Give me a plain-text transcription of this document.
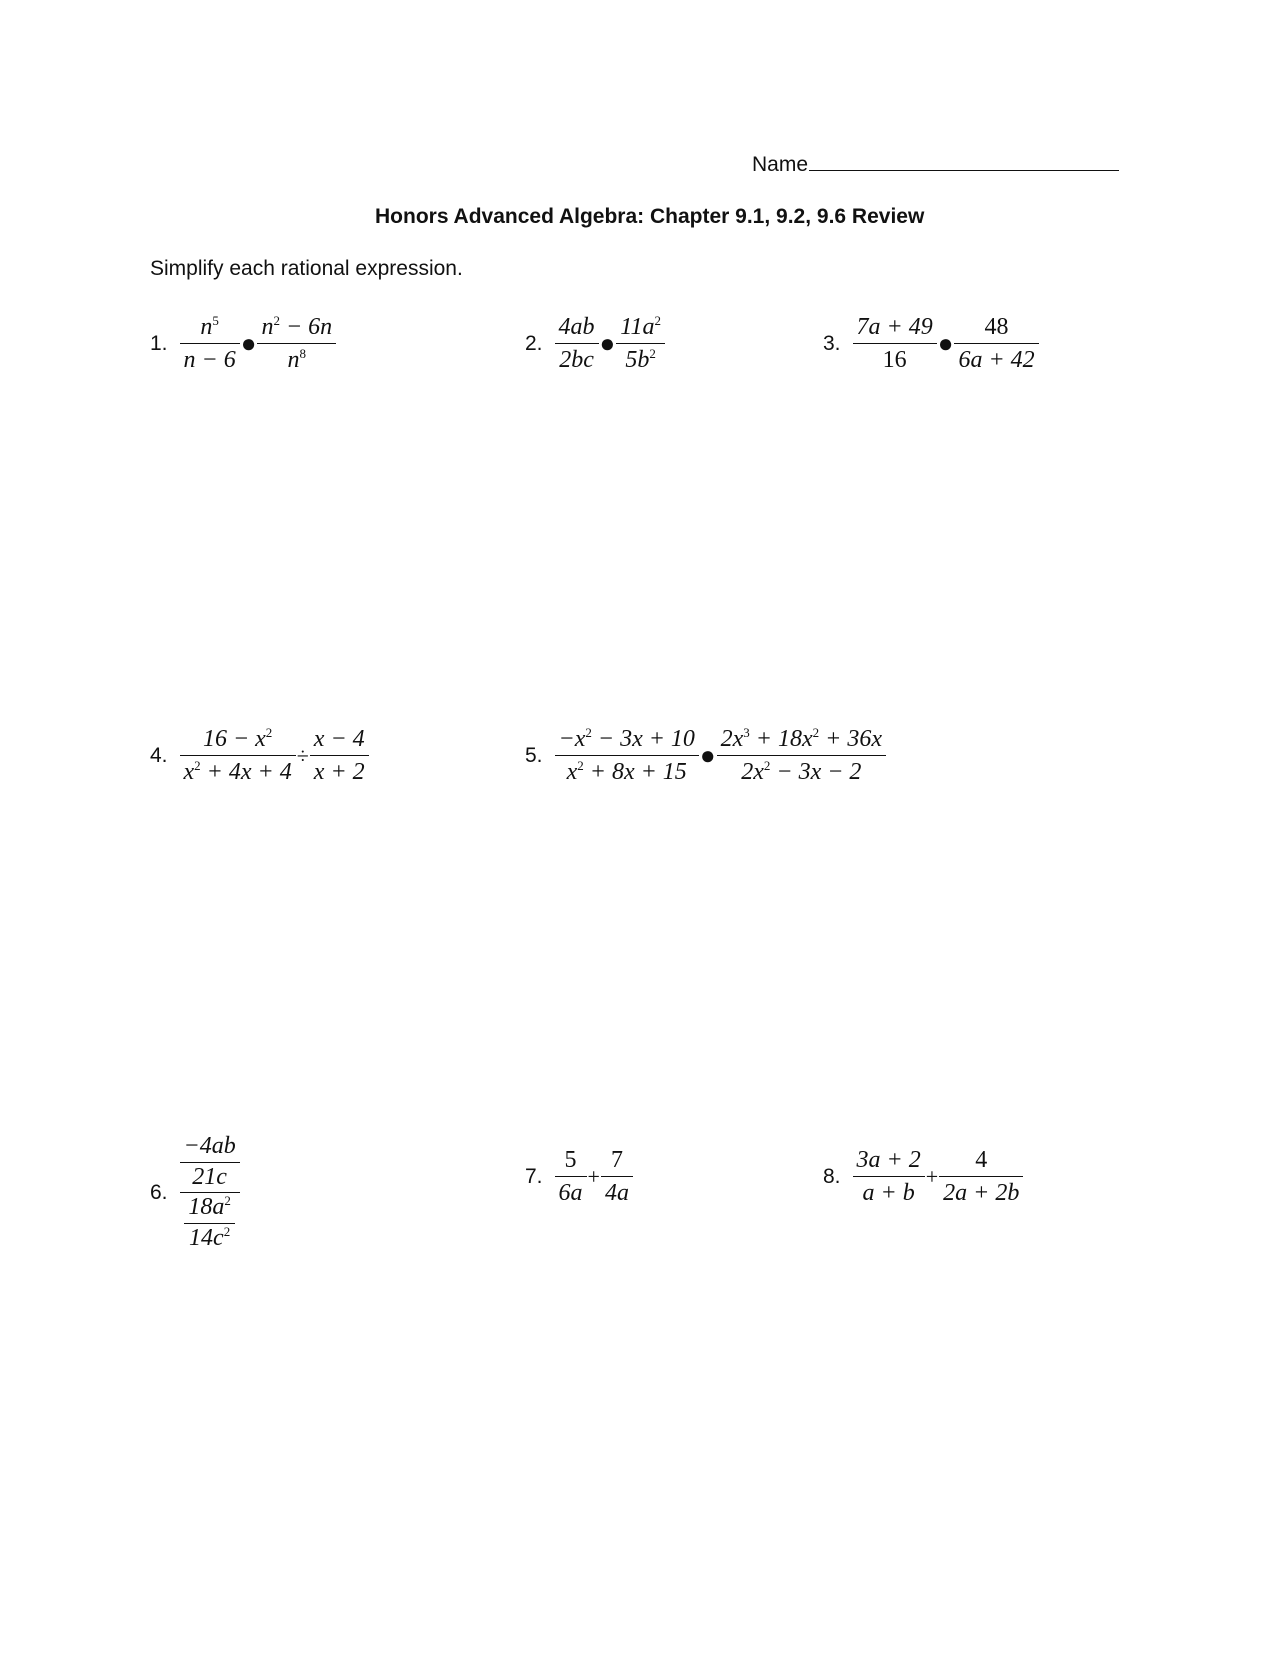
Name
Honors Advanced Algebra: Chapter 9.1, 9.2, 9.6 Review
Simplify each rational expression.
1. $\frac{n^5}{n - 6}$ ● $\frac{n^2 - 6n}{n^8}$	2. $\frac{4ab}{2bc}$ ● $\frac{11a^2}{5b^2}$	3. $\frac{7a + 49}{16}$ ● $\frac{48}{6a + 42}$
4. $\frac{16 - x^2}{x^2 + 4x + 4} \div \frac{x - 4}{x + 2}$	5. $\frac{-x^2 - 3x + 10}{x^2 + 8x + 15}$ ● $\frac{2x^3 + 18x^2 + 36x}{2x^2 - 3x - 2}$
6.
$\frac{-4ab}{21c}$
$\frac{18a^2}{14c^2}$
7. $\frac{5}{6a} + \frac{7}{4a}$	8. $\frac{3a + 2}{a + b} + \frac{4}{2a + 2b}$
